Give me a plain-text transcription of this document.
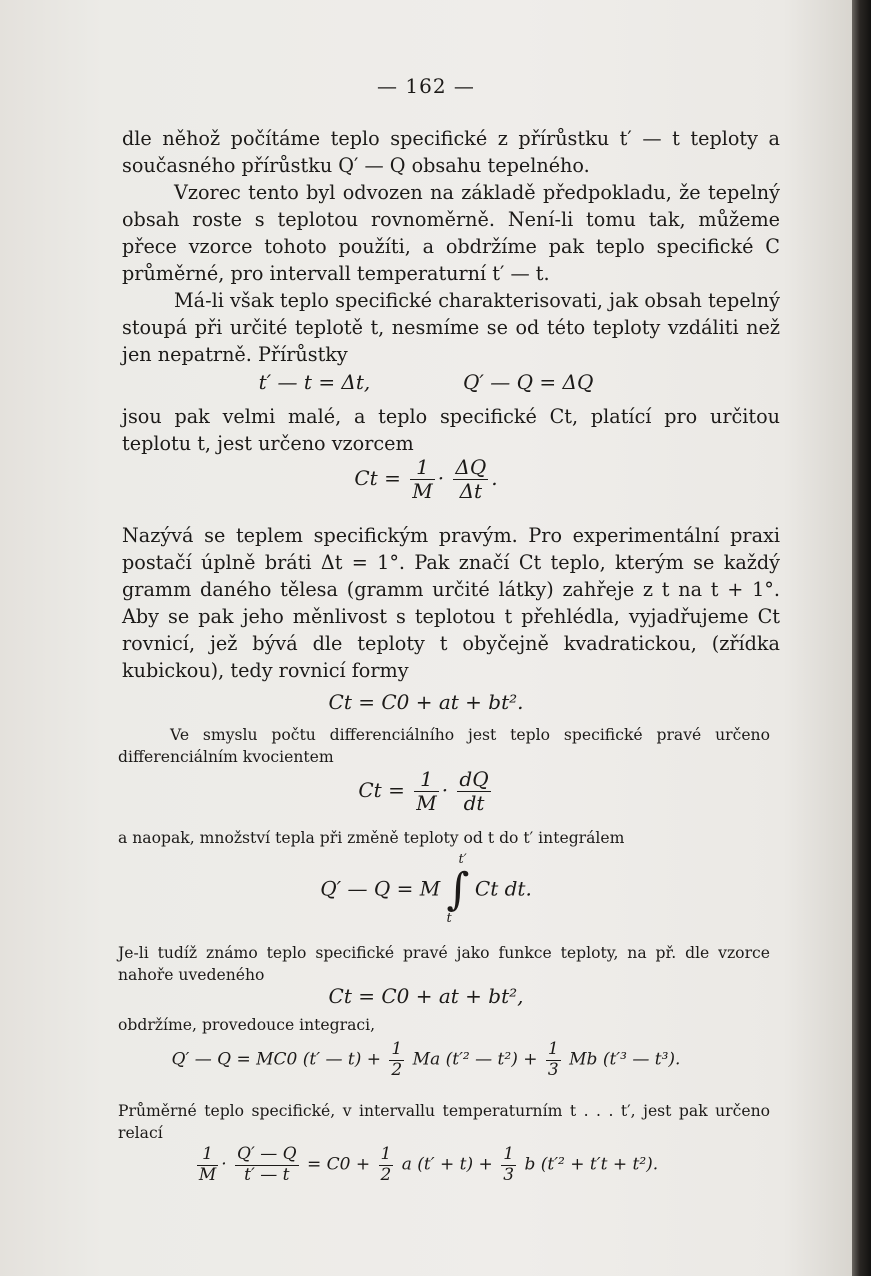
— 162 —

dle něhož počítáme teplo specifické z přírůstku t′ — t teploty a současného přírůstku Q′ — Q obsahu tepelného.

Vzorec tento byl odvozen na základě předpokladu, že tepelný obsah roste s teplotou rovnoměrně. Není-li tomu tak, můžeme přece vzorce tohoto použíti, a obdržíme pak teplo specifické C průměrné, pro intervall temperaturní t′ — t.

Má-li však teplo specifické charakterisovati, jak obsah tepelný stoupá při určité teplotě t, nesmíme se od této teploty vzdáliti než jen nepatrně. Přírůstky

t′ — t = Δt,	Q′ — Q = ΔQ

jsou pak velmi malé, a teplo specifické Ct, platící pro určitou teplotu t, jest určeno vzorcem

$Ct = \frac{1}{M} \cdot \frac{\Delta Q}{\Delta t}$ .

Nazývá se teplem specifickým pravým. Pro experimentální praxi postačí úplně bráti Δt = 1°. Pak značí Ct teplo, kterým se každý gramm daného tělesa (gramm určité látky) zahřeje z t na t + 1°. Aby se pak jeho měnlivost s teplotou t přehlédla, vyjadřujeme Ct rovnicí, jež bývá dle teploty t obyčejně kvadratickou, (zřídka kubickou), tedy rovnicí formy

Ct = C0 + at + bt².

Ve smyslu počtu differenciálního jest teplo specifické pravé určeno differenciálním kvocientem

$Ct = \frac{1}{M} \cdot \frac{dQ}{dt}$

a naopak, množství tepla při změně teploty od t do t′ integrálem

Q′ — Q = M
t′
∫
t
Ct dt.

Je-li tudíž známo teplo specifické pravé jako funkce teploty, na př. dle vzorce nahoře uvedeného

Ct = C0 + at + bt²,

obdržíme, provedouce integraci,

Q′ — Q = MC0 (t′ — $t) + \frac{1}{2}$ Ma (t′² — $t^2) + \frac{1}{3}$ Mb (t′³ — t³).

Průměrné teplo specifické, v intervallu temperaturním t . . . t′, jest pak určeno relací

$\frac{1}{M} \cdot \frac{Q' — Q}{t' — t} = C0 + \frac{1}{2}$ a $(t' + t) + \frac{1}{3}$ b (t′² + t′t + t²).
